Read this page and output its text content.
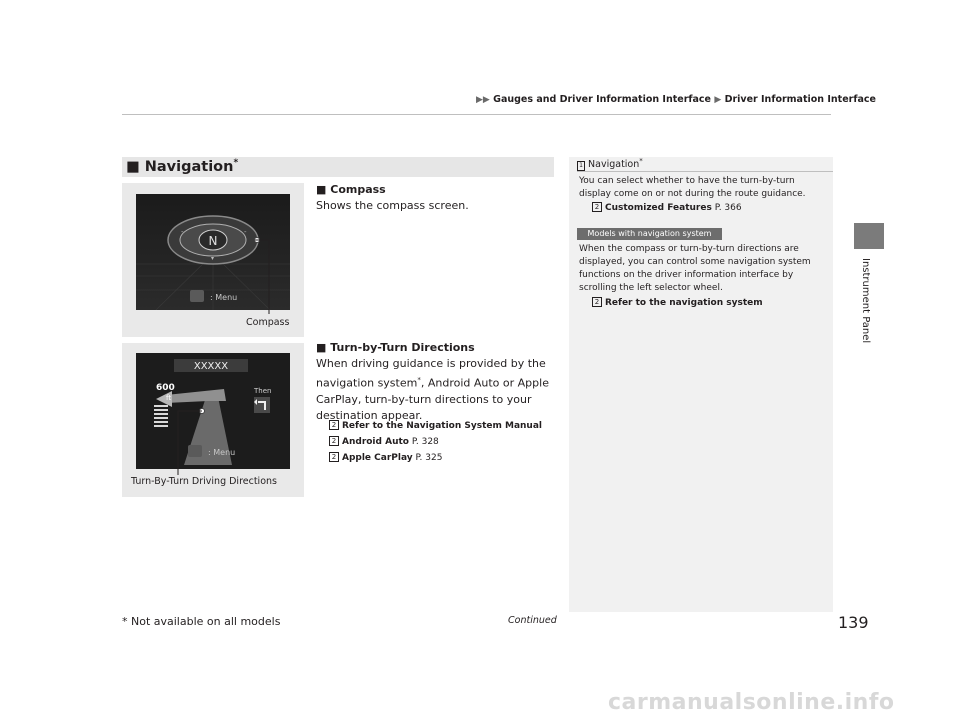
▶▶ Gauges and Driver Information Interface ▶ Driver Information Interface
Instrument Panel
■ Navigation*
N
-	-
▾
: Menu
Compass
■ Compass
Shows the compass screen.
XXXXX
600
ft
Then
: Menu
Turn-By-Turn Driving Directions
■ Turn-by-Turn Directions
When driving guidance is provided by the
navigation system*, Android Auto or Apple
CarPlay, turn-by-turn directions to your
destination appear.
2 Refer to the Navigation System Manual
2 Android Auto P. 328
2 Apple CarPlay P. 325
1 Navigation*
You can select whether to have the turn-by-turn
display come on or not during the route guidance.
2 Customized Features P. 366
Models with navigation system
When the compass or turn-by-turn directions are
displayed, you can control some navigation system
functions on the driver information interface by
scrolling the left selector wheel.
2 Refer to the navigation system
* Not available on all models	Continued	139
carmanualsonline.info
